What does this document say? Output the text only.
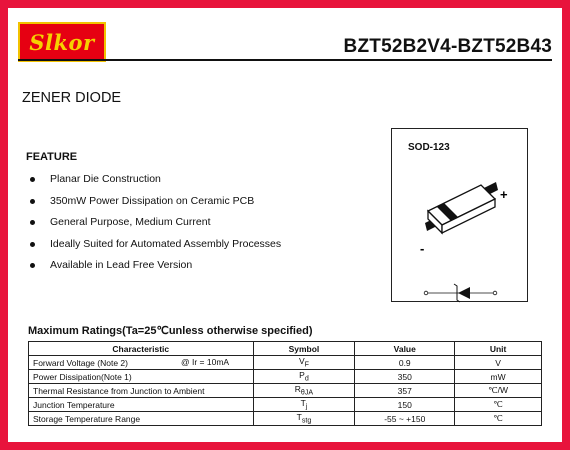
Slkor	BZT52B2V4-BZT52B43
ZENER DIODE
FEATURE
Planar Die Construction
350mW Power Dissipation on Ceramic PCB
General Purpose, Medium Current
Ideally Suited for Automated Assembly Processes
Available in Lead Free Version
SOD-123
+
-
Maximum Ratings(Ta=25℃unless otherwise specified)
Characteristic	Symbol	Value	Unit
Forward Voltage (Note 2) @ Ir = 10mA	$V_F$	0.9	V
Power Dissipation(Note 1)	$P_d$	350	mW
Thermal Resistance from Junction to Ambient	$R_{\theta JA}$	357	℃/W
Junction Temperature	$T_j$	150	℃
Storage Temperature Range	$T_{stg}$	-55 ~ +150	℃
